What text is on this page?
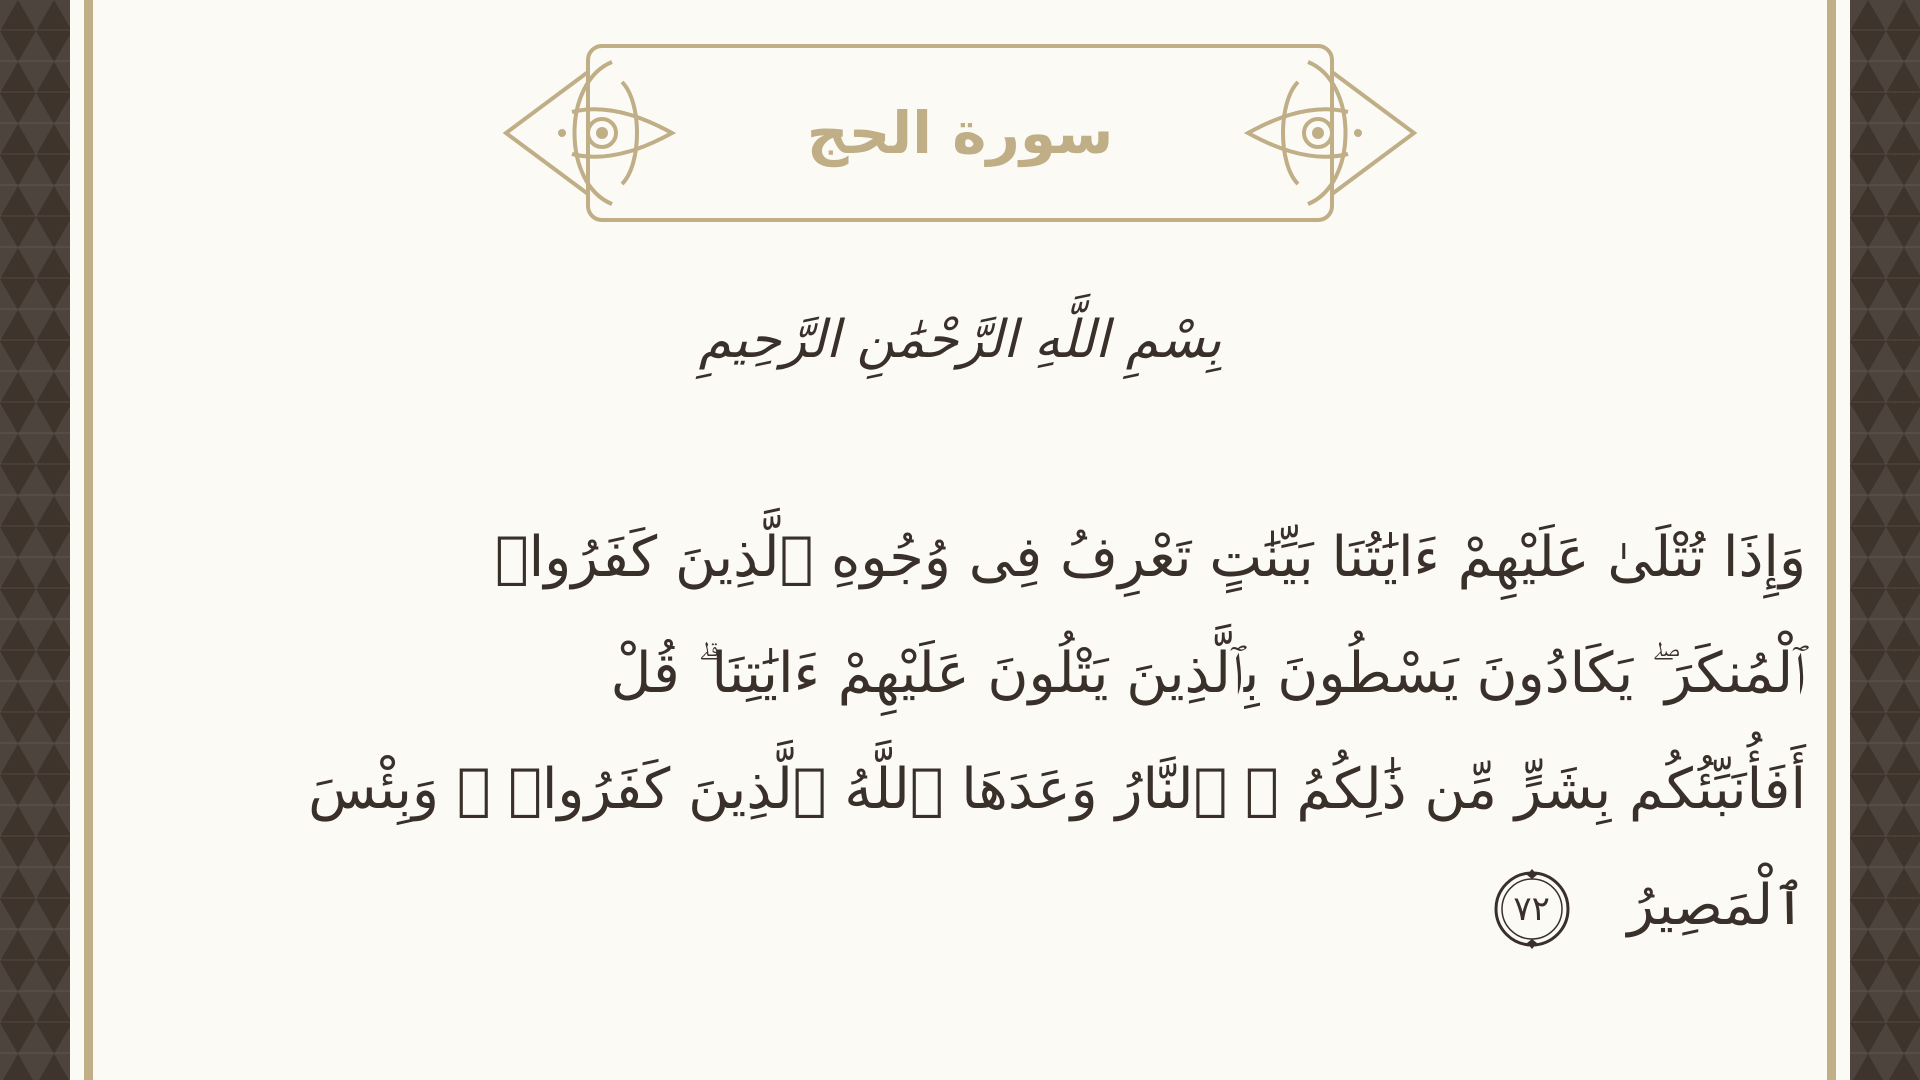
سورة الحج
بِسْمِ اللَّهِ الرَّحْمَٰنِ الرَّحِيمِ
وَإِذَا تُتْلَىٰ عَلَيْهِمْ ءَايَٰتُنَا بَيِّنَٰتٍ تَعْرِفُ فِى وُجُوهِ ٱلَّذِينَ كَفَرُوا۟
ٱلْمُنكَرَ ۖ يَكَادُونَ يَسْطُونَ بِٱلَّذِينَ يَتْلُونَ عَلَيْهِمْ ءَايَٰتِنَا ۗ قُلْ
أَفَأُنَبِّئُكُم بِشَرٍّ مِّن ذَٰلِكُمُ ۗ ٱلنَّارُ وَعَدَهَا ٱللَّهُ ٱلَّذِينَ كَفَرُوا۟ ۖ وَبِئْسَ
ٱلْمَصِيرُ
٧٢
